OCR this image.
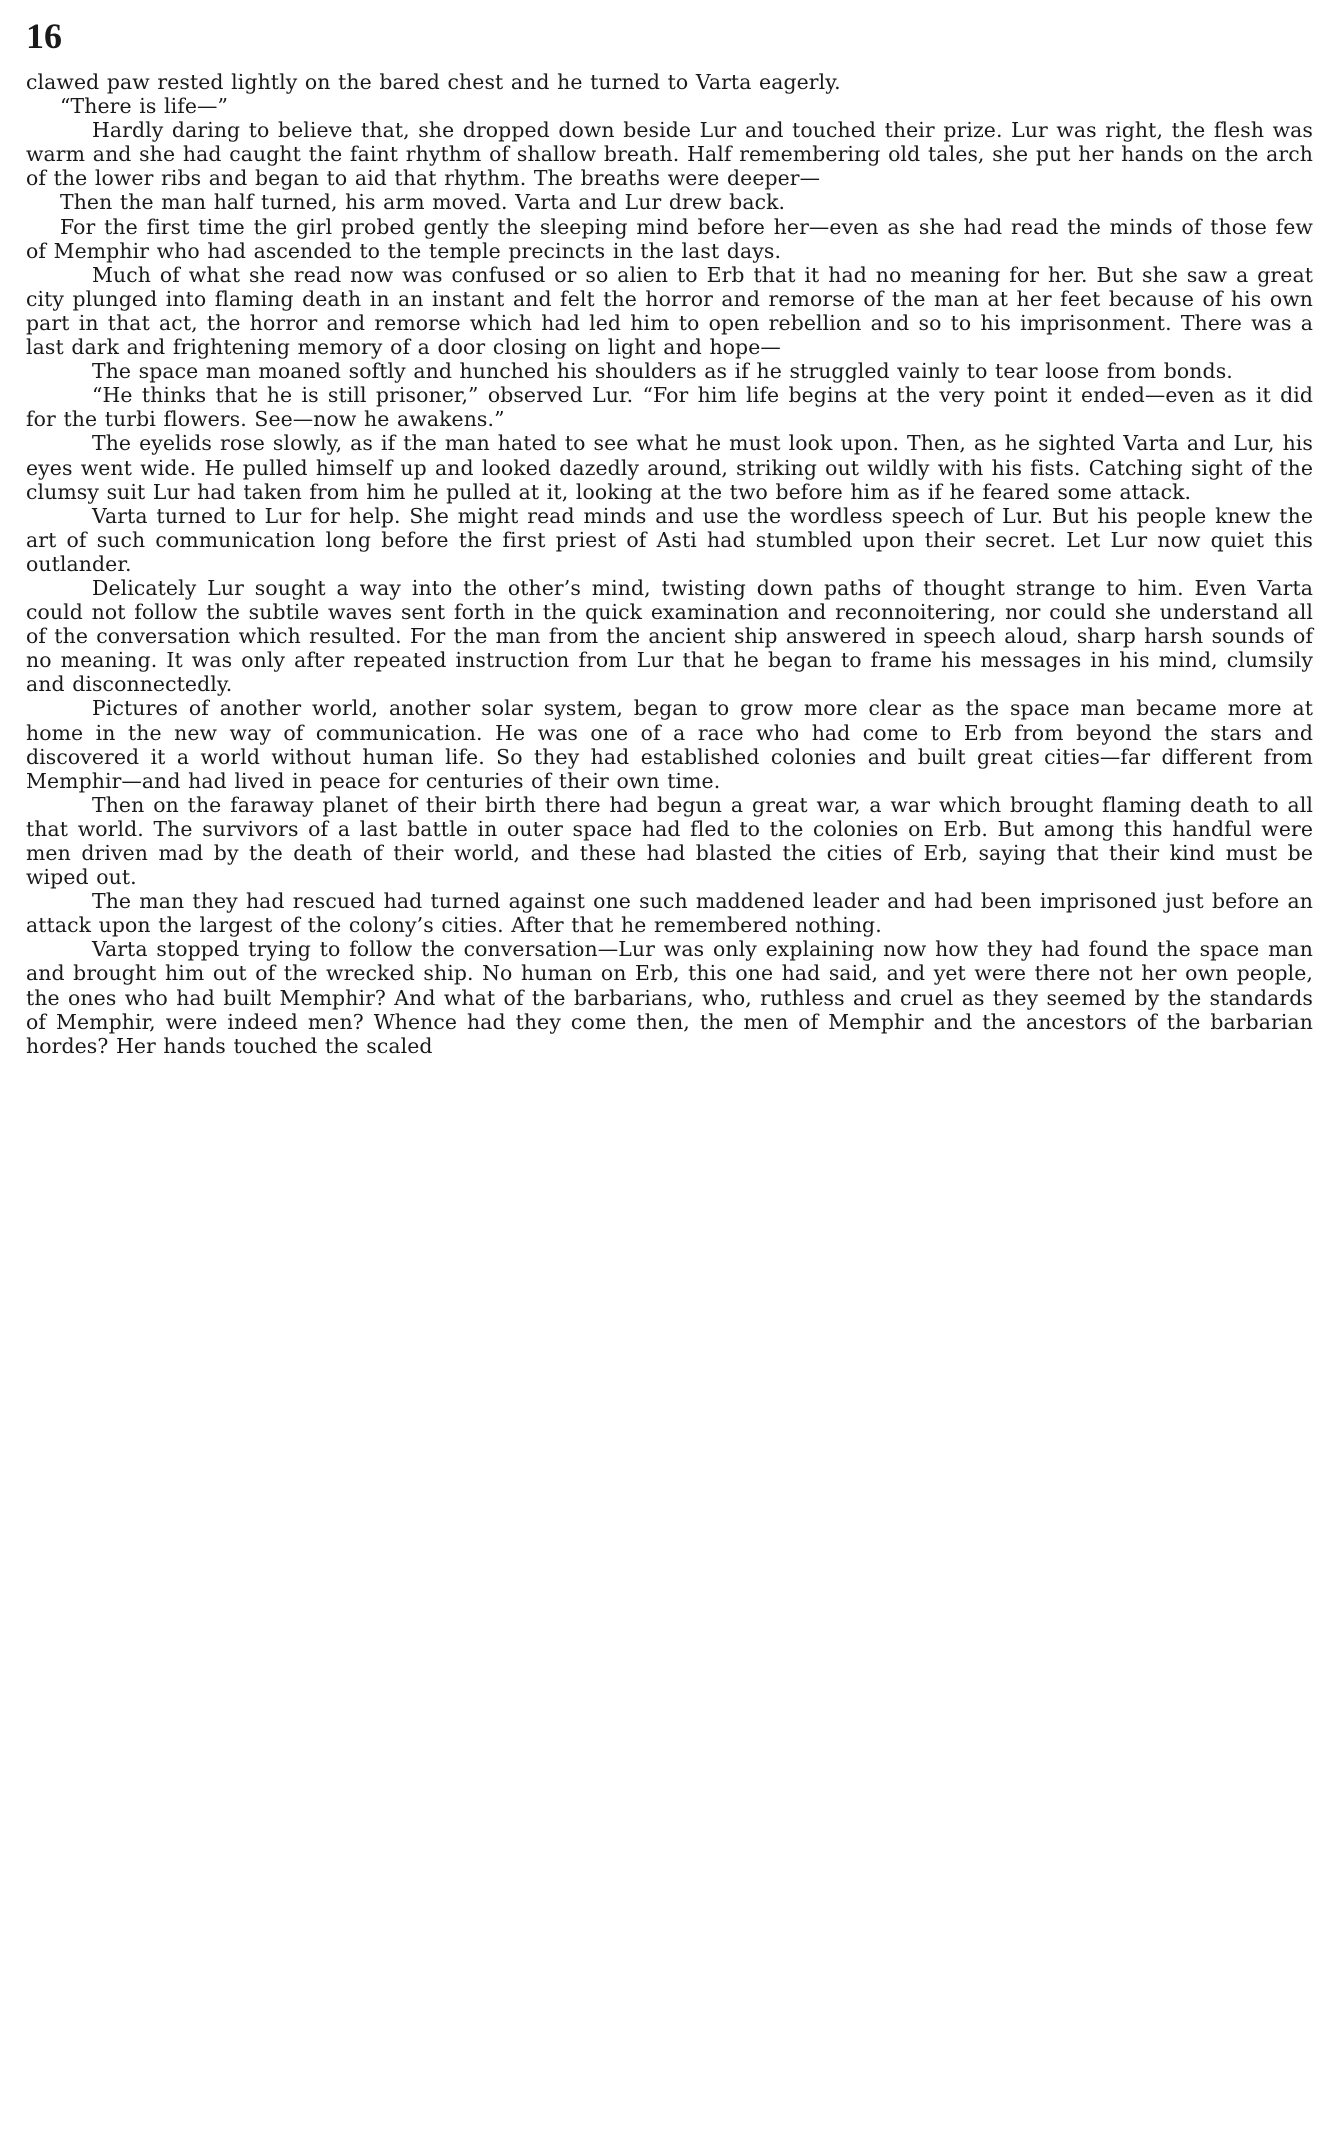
16

clawed paw rested lightly on the bared chest and he turned to Varta eagerly.

“There is life—”

Hardly daring to believe that, she dropped down beside Lur and touched their prize. Lur was right, the flesh was warm and she had caught the faint rhythm of shallow breath. Half remembering old tales, she put her hands on the arch of the lower ribs and began to aid that rhythm. The breaths were deeper—

Then the man half turned, his arm moved. Varta and Lur drew back.

For the first time the girl probed gently the sleeping mind before her—even as she had read the minds of those few of Memphir who had ascended to the temple precincts in the last days.

Much of what she read now was confused or so alien to Erb that it had no meaning for her. But she saw a great city plunged into flaming death in an instant and felt the horror and remorse of the man at her feet because of his own part in that act, the horror and remorse which had led him to open rebellion and so to his imprisonment. There was a last dark and frightening memory of a door closing on light and hope—

The space man moaned softly and hunched his shoulders as if he struggled vainly to tear loose from bonds.

“He thinks that he is still prisoner,” observed Lur. “For him life begins at the very point it ended—even as it did for the turbi flowers. See—now he awakens.”

The eyelids rose slowly, as if the man hated to see what he must look upon. Then, as he sighted Varta and Lur, his eyes went wide. He pulled himself up and looked dazedly around, striking out wildly with his fists. Catching sight of the clumsy suit Lur had taken from him he pulled at it, looking at the two before him as if he feared some attack.

Varta turned to Lur for help. She might read minds and use the wordless speech of Lur. But his people knew the art of such communication long before the first priest of Asti had stumbled upon their secret. Let Lur now quiet this outlander.

Delicately Lur sought a way into the other’s mind, twisting down paths of thought strange to him. Even Varta could not follow the subtile waves sent forth in the quick examination and reconnoitering, nor could she understand all of the conversation which resulted. For the man from the ancient ship answered in speech aloud, sharp harsh sounds of no meaning. It was only after repeated instruction from Lur that he began to frame his messages in his mind, clumsily and disconnectedly.

Pictures of another world, another solar system, began to grow more clear as the space man became more at home in the new way of communication. He was one of a race who had come to Erb from beyond the stars and discovered it a world without human life. So they had established colonies and built great cities—far different from Memphir—and had lived in peace for centuries of their own time.

Then on the faraway planet of their birth there had begun a great war, a war which brought flaming death to all that world. The survivors of a last battle in outer space had fled to the colonies on Erb. But among this handful were men driven mad by the death of their world, and these had blasted the cities of Erb, saying that their kind must be wiped out.

The man they had rescued had turned against one such maddened leader and had been imprisoned just before an attack upon the largest of the colony’s cities. After that he remembered nothing.

Varta stopped trying to follow the conversation—Lur was only explaining now how they had found the space man and brought him out of the wrecked ship. No human on Erb, this one had said, and yet were there not her own people, the ones who had built Memphir? And what of the barbarians, who, ruthless and cruel as they seemed by the standards of Memphir, were indeed men? Whence had they come then, the men of Memphir and the ancestors of the barbarian hordes? Her hands touched the scaled
